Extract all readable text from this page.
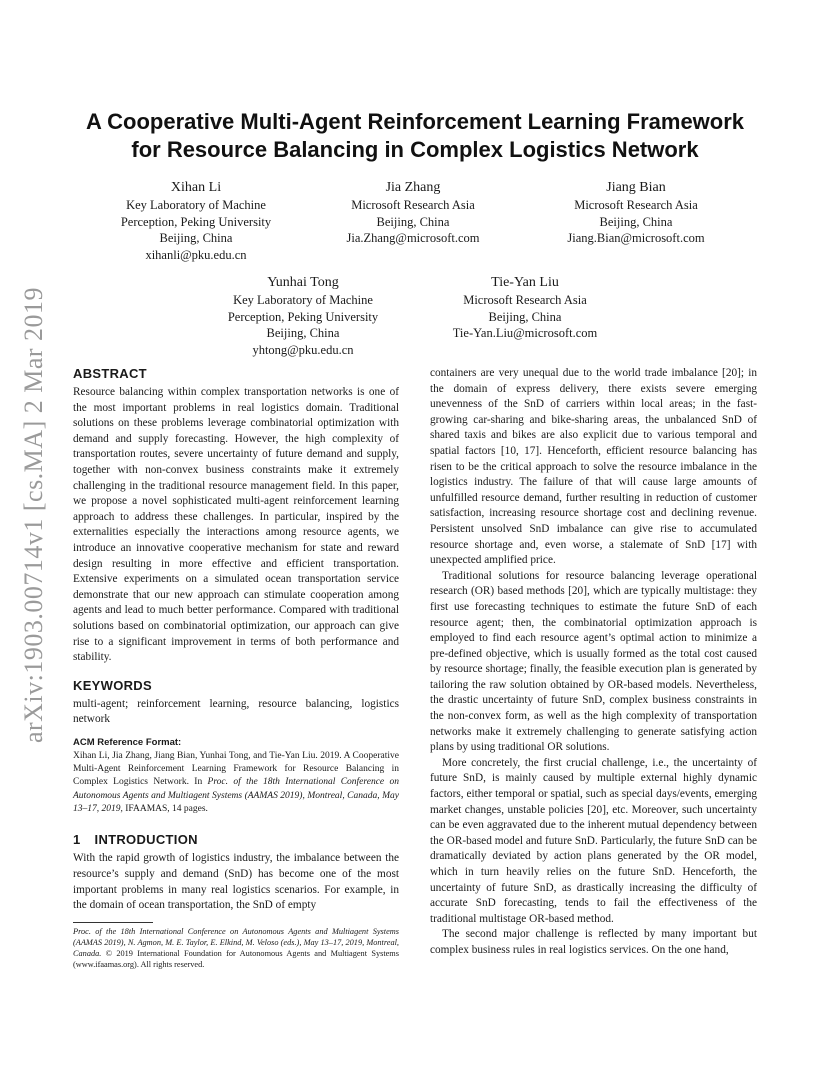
arXiv:1903.00714v1 [cs.MA] 2 Mar 2019
A Cooperative Multi-Agent Reinforcement Learning Framework
for Resource Balancing in Complex Logistics Network
Xihan Li
Key Laboratory of Machine
Perception, Peking University
Beijing, China
xihanli@pku.edu.cn
Jia Zhang
Microsoft Research Asia
Beijing, China
Jia.Zhang@microsoft.com
Jiang Bian
Microsoft Research Asia
Beijing, China
Jiang.Bian@microsoft.com
Yunhai Tong
Key Laboratory of Machine
Perception, Peking University
Beijing, China
yhtong@pku.edu.cn
Tie-Yan Liu
Microsoft Research Asia
Beijing, China
Tie-Yan.Liu@microsoft.com
ABSTRACT

Resource balancing within complex transportation networks is one of the most important problems in real logistics domain. Traditional solutions on these problems leverage combinatorial optimization with demand and supply forecasting. However, the high complexity of transportation routes, severe uncertainty of future demand and supply, together with non-convex business constraints make it extremely challenging in the traditional resource management field. In this paper, we propose a novel sophisticated multi-agent reinforcement learning approach to address these challenges. In particular, inspired by the externalities especially the interactions among resource agents, we introduce an innovative cooperative mechanism for state and reward design resulting in more effective and efficient transportation. Extensive experiments on a simulated ocean transportation service demonstrate that our new approach can stimulate cooperation among agents and lead to much better performance. Compared with traditional solutions based on combinatorial optimization, our approach can give rise to a significant improvement in terms of both performance and stability.

KEYWORDS

multi-agent; reinforcement learning, resource balancing, logistics network

ACM Reference Format:

Xihan Li, Jia Zhang, Jiang Bian, Yunhai Tong, and Tie-Yan Liu. 2019. A Cooperative Multi-Agent Reinforcement Learning Framework for Resource Balancing in Complex Logistics Network. In Proc. of the 18th International Conference on Autonomous Agents and Multiagent Systems (AAMAS 2019), Montreal, Canada, May 13–17, 2019, IFAAMAS, 14 pages.

1 INTRODUCTION

With the rapid growth of logistics industry, the imbalance between the resource’s supply and demand (SnD) has become one of the most important problems in many real logistics scenarios. For example, in the domain of ocean transportation, the SnD of empty

Proc. of the 18th International Conference on Autonomous Agents and Multiagent Systems (AAMAS 2019), N. Agmon, M. E. Taylor, E. Elkind, M. Veloso (eds.), May 13–17, 2019, Montreal, Canada. © 2019 International Foundation for Autonomous Agents and Multiagent Systems (www.ifaamas.org). All rights reserved.

containers are very unequal due to the world trade imbalance [20]; in the domain of express delivery, there exists severe emerging unevenness of the SnD of carriers within local areas; in the fast-growing car-sharing and bike-sharing areas, the unbalanced SnD of shared taxis and bikes are also explicit due to various temporal and spatial factors [10, 17]. Henceforth, efficient resource balancing has risen to be the critical approach to solve the resource imbalance in the logistics industry. The failure of that will cause large amounts of unfulfilled resource demand, further resulting in reduction of customer satisfaction, increasing resource shortage cost and declining revenue. Persistent unsolved SnD imbalance can give rise to accumulated resource shortage and, even worse, a stalemate of SnD [17] with unexpected amplified price.

Traditional solutions for resource balancing leverage operational research (OR) based methods [20], which are typically multistage: they first use forecasting techniques to estimate the future SnD of each resource agent; then, the combinatorial optimization approach is employed to find each resource agent’s optimal action to minimize a pre-defined objective, which is usually formed as the total cost caused by resource shortage; finally, the feasible execution plan is generated by tailoring the raw solution obtained by OR-based models. Nevertheless, the drastic uncertainty of future SnD, complex business constraints in the non-convex form, as well as the high complexity of transportation networks make it extremely challenging to generate satisfying action plans by using traditional OR solutions.

More concretely, the first crucial challenge, i.e., the uncertainty of future SnD, is mainly caused by multiple external highly dynamic factors, either temporal or spatial, such as special days/events, emerging market changes, unstable policies [20], etc. Moreover, such uncertainty can be even aggravated due to the inherent mutual dependency between the OR-based model and future SnD. Particularly, the future SnD can be dramatically deviated by action plans generated by the OR model, which in turn heavily relies on the future SnD. Henceforth, the uncertainty of future SnD, as drastically increasing the difficulty of accurate SnD forecasting, tends to fail the effectiveness of the traditional multistage OR-based method.

The second major challenge is reflected by many important but complex business rules in real logistics services. On the one hand,
